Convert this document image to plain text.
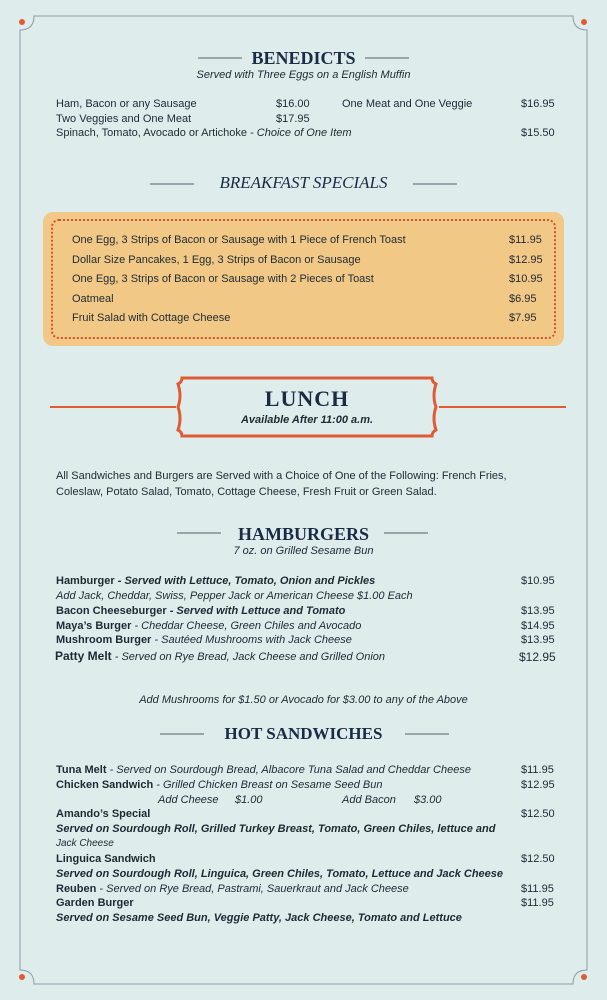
BENEDICTS
Served with Three Eggs on a English Muffin
Ham, Bacon or any Sausage	$16.00	One Meat and One Veggie	$16.95
Two Veggies and One Meat	$17.95
Spinach, Tomato, Avocado or Artichoke - Choice of One Item	$15.50
BREAKFAST SPECIALS
One Egg, 3 Strips of Bacon or Sausage with 1 Piece of French Toast	$11.95
Dollar Size Pancakes, 1 Egg, 3 Strips of Bacon or Sausage	$12.95
One Egg, 3 Strips of Bacon or Sausage with 2 Pieces of Toast	$10.95
Oatmeal	$6.95
Fruit Salad with Cottage Cheese	$7.95
LUNCH
Available After 11:00 a.m.
All Sandwiches and Burgers are Served with a Choice of One of the Following: French Fries,
Coleslaw, Potato Salad, Tomato, Cottage Cheese, Fresh Fruit or Green Salad.
HAMBURGERS
7 oz. on Grilled Sesame Bun
Hamburger - Served with Lettuce, Tomato, Onion and Pickles	$10.95
Add Jack, Cheddar, Swiss, Pepper Jack or American Cheese $1.00 Each
Bacon Cheeseburger - Served with Lettuce and Tomato	$13.95
Maya’s Burger - Cheddar Cheese, Green Chiles and Avocado	$14.95
Mushroom Burger - Sautéed Mushrooms with Jack Cheese	$13.95
Patty Melt - Served on Rye Bread, Jack Cheese and Grilled Onion	$12.95
Add Mushrooms for $1.50 or Avocado for $3.00 to any of the Above
HOT SANDWICHES
Tuna Melt - Served on Sourdough Bread, Albacore Tuna Salad and Cheddar Cheese	$11.95
Chicken Sandwich - Grilled Chicken Breast on Sesame Seed Bun	$12.95
Add Cheese $1.00	Add Bacon $3.00
Amando’s Special	$12.50
Served on Sourdough Roll, Grilled Turkey Breast, Tomato, Green Chiles, lettuce and
Jack Cheese
Linguica Sandwich	$12.50
Served on Sourdough Roll, Linguica, Green Chiles, Tomato, Lettuce and Jack Cheese
Reuben - Served on Rye Bread, Pastrami, Sauerkraut and Jack Cheese	$11.95
Garden Burger	$11.95
Served on Sesame Seed Bun, Veggie Patty, Jack Cheese, Tomato and Lettuce
